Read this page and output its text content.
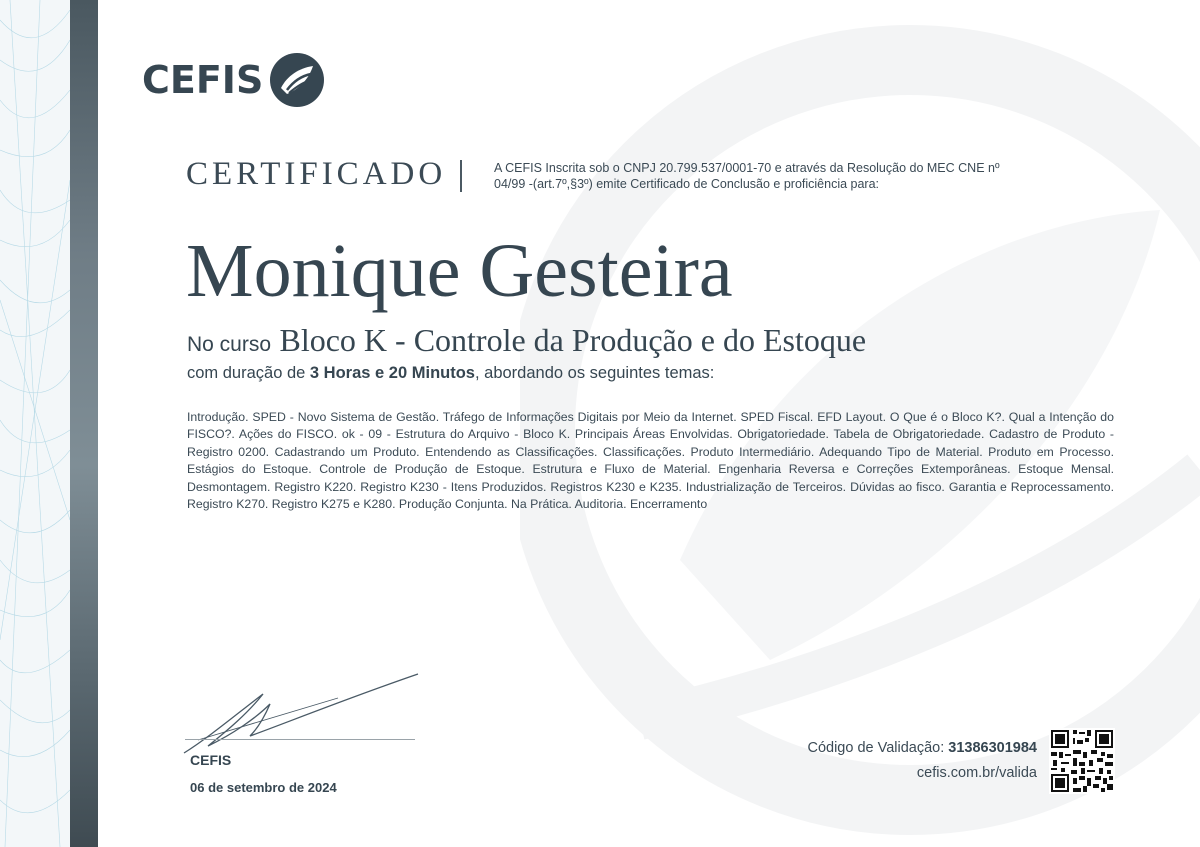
CEFIS
CERTIFICADO	A CEFIS Inscrita sob o CNPJ 20.799.537/0001-70 e através da Resolução do MEC CNE nº 04/99 -(art.7º,§3º) emite Certificado de Conclusão e proficiência para:
Monique Gesteira
No curso Bloco K - Controle da Produção e do Estoque
com duração de 3 Horas e 20 Minutos, abordando os seguintes temas:
Introdução. SPED - Novo Sistema de Gestão. Tráfego de Informações Digitais por Meio da Internet. SPED Fiscal. EFD Layout. O Que é o Bloco K?. Qual a Intenção do FISCO?. Ações do FISCO. ok - 09 - Estrutura do Arquivo - Bloco K. Principais Áreas Envolvidas. Obrigatoriedade. Tabela de Obrigatoriedade. Cadastro de Produto - Registro 0200. Cadastrando um Produto. Entendendo as Classificações. Classificações. Produto Intermediário. Adequando Tipo de Material. Produto em Processo. Estágios do Estoque. Controle de Produção de Estoque. Estrutura e Fluxo de Material. Engenharia Reversa e Correções Extemporâneas. Estoque Mensal. Desmontagem. Registro K220. Registro K230 - Itens Produzidos. Registros K230 e K235. Industrialização de Terceiros. Dúvidas ao fisco. Garantia e Reprocessamento. Registro K270. Registro K275 e K280. Produção Conjunta. Na Prática. Auditoria. Encerramento
CEFIS
06 de setembro de 2024
Código de Validação: 31386301984
cefis.com.br/valida
